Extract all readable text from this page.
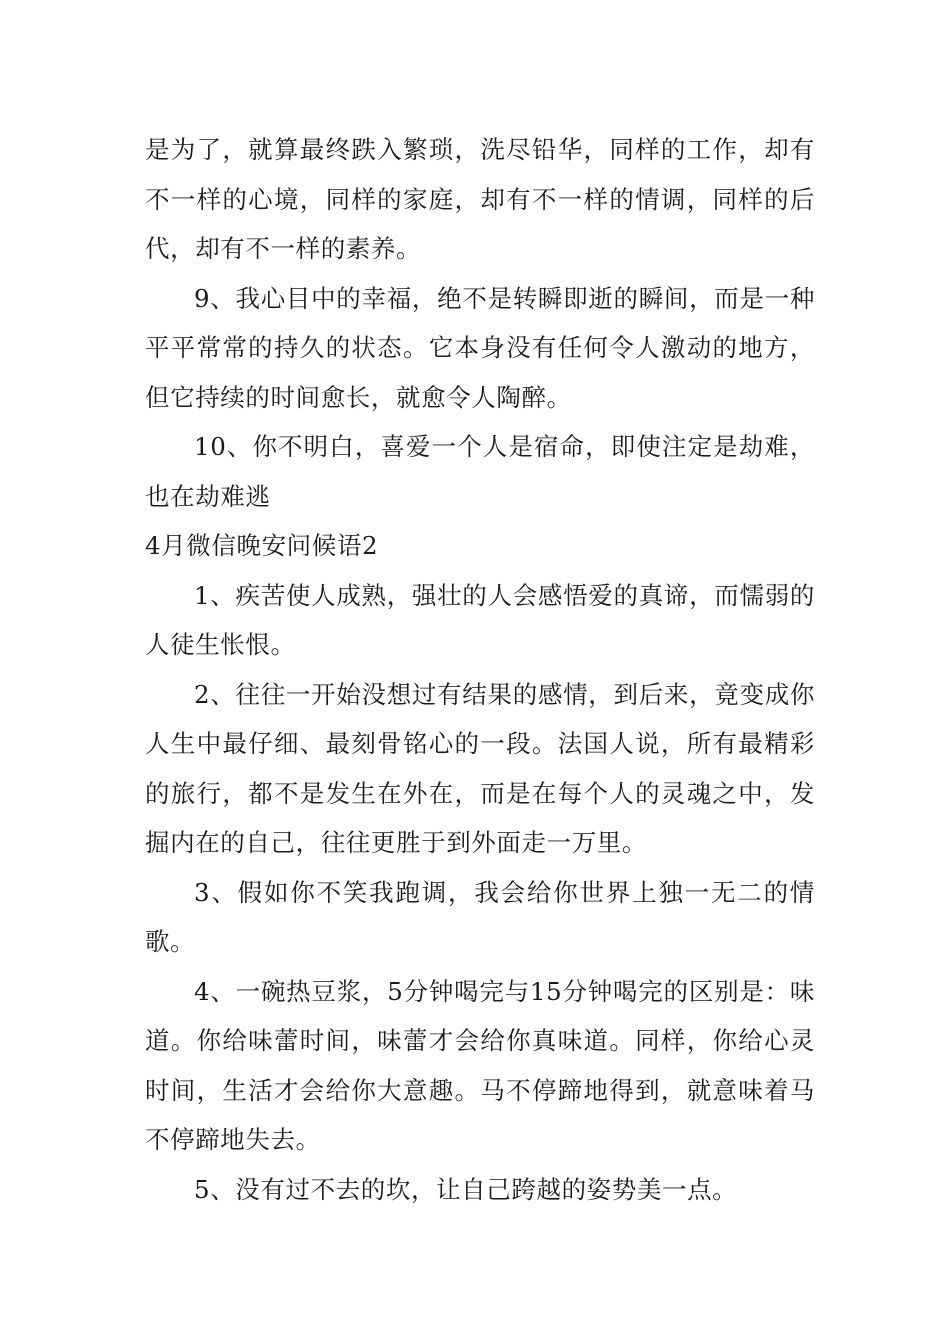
是为了，就算最终跌入繁琐，洗尽铅华，同样的工作，却有不一样的心境，同样的家庭，却有不一样的情调，同样的后代，却有不一样的素养。

9、我心目中的幸福，绝不是转瞬即逝的瞬间，而是一种平平常常的持久的状态。它本身没有任何令人激动的地方，但它持续的时间愈长，就愈令人陶醉。

10、你不明白，喜爱一个人是宿命，即使注定是劫难，也在劫难逃

4月微信晚安问候语2

1、疾苦使人成熟，强壮的人会感悟爱的真谛，而懦弱的人徒生怅恨。

2、往往一开始没想过有结果的感情，到后来，竟变成你人生中最仔细、最刻骨铭心的一段。法国人说，所有最精彩的旅行，都不是发生在外在，而是在每个人的灵魂之中，发掘内在的自己，往往更胜于到外面走一万里。

3、假如你不笑我跑调，我会给你世界上独一无二的情歌。

4、一碗热豆浆，5分钟喝完与15分钟喝完的区别是：味道。你给味蕾时间，味蕾才会给你真味道。同样，你给心灵时间，生活才会给你大意趣。马不停蹄地得到，就意味着马不停蹄地失去。

5、没有过不去的坎，让自己跨越的姿势美一点。
